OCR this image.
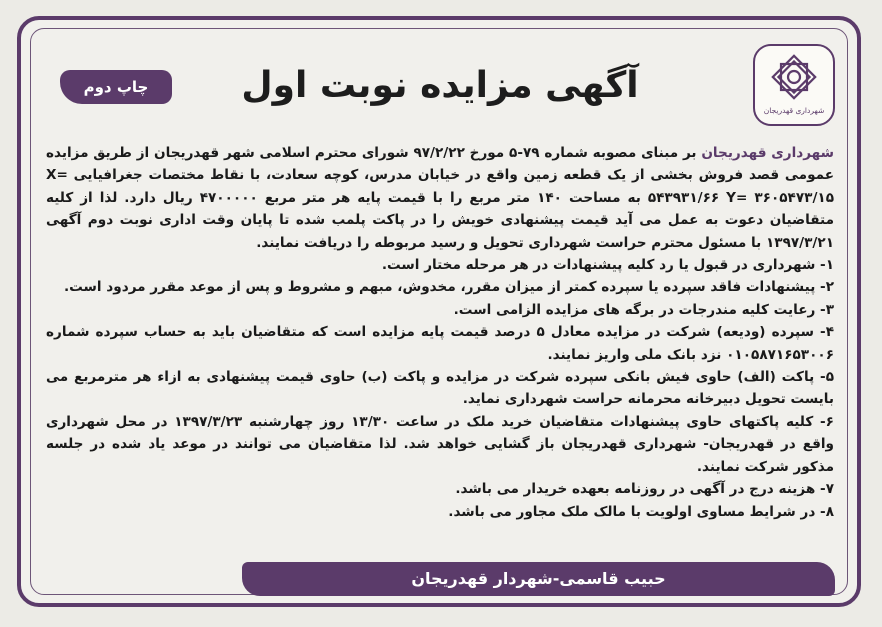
شهرداری قهدریجان
آگهی مزایده نوبت اول
چاپ دوم

شهرداری قهدریجان بر مبنای مصوبه شماره ۷۹-۵ مورخ ۹۷/۲/۲۲ شورای محترم اسلامی شهر قهدریجان از طریق مزایده عمومی قصد فروش بخشی از یک قطعه زمین واقع در خیابان مدرس، کوچه سعادت، با نقاط مختصات جغرافیایی X= ۵۴۳۹۳۱/۶۶ Y= ۳۶۰۵۴۷۳/۱۵ به مساحت ۱۴۰ متر مربع را با قیمت پایه هر متر مربع ۴۷۰۰۰۰۰ ریال دارد. لذا از کلیه متقاضیان دعوت به عمل می آید قیمت پیشنهادی خویش را در پاکت پلمب شده تا پایان وقت اداری نوبت دوم آگهی ۱۳۹۷/۳/۲۱ با مسئول محترم حراست شهرداری تحویل و رسید مربوطه را دریافت نمایند.

۱- شهرداری در قبول یا رد کلیه پیشنهادات در هر مرحله مختار است.

۲- پیشنهادات فاقد سپرده یا سپرده کمتر از میزان مقرر، مخدوش، مبهم و مشروط و پس از موعد مقرر مردود است.

۳- رعایت کلیه مندرجات در برگه های مزایده الزامی است.

۴- سپرده (ودیعه) شرکت در مزایده معادل ۵ درصد قیمت پایه مزایده است که متقاضیان باید به حساب سپرده شماره ۰۱۰۵۸۷۱۶۵۳۰۰۶ نزد بانک ملی واریز نمایند.

۵- پاکت (الف) حاوی فیش بانکی سپرده شرکت در مزایده و پاکت (ب) حاوی قیمت پیشنهادی به ازاء هر مترمربع می بایست تحویل دبیرخانه محرمانه حراست شهرداری نماید.

۶- کلیه پاکتهای حاوی پیشنهادات متقاضیان خرید ملک در ساعت ۱۳/۳۰ روز چهارشنبه ۱۳۹۷/۳/۲۳ در محل شهرداری واقع در قهدریجان- شهرداری قهدریجان باز گشایی خواهد شد. لذا متقاضیان می توانند در موعد یاد شده در جلسه مذکور شرکت نمایند.

۷- هزینه درج در آگهی در روزنامه بعهده خریدار می باشد.

۸- در شرایط مساوی اولویت با مالک ملک مجاور می باشد.

حبیب قاسمی-شهردار قهدریجان
